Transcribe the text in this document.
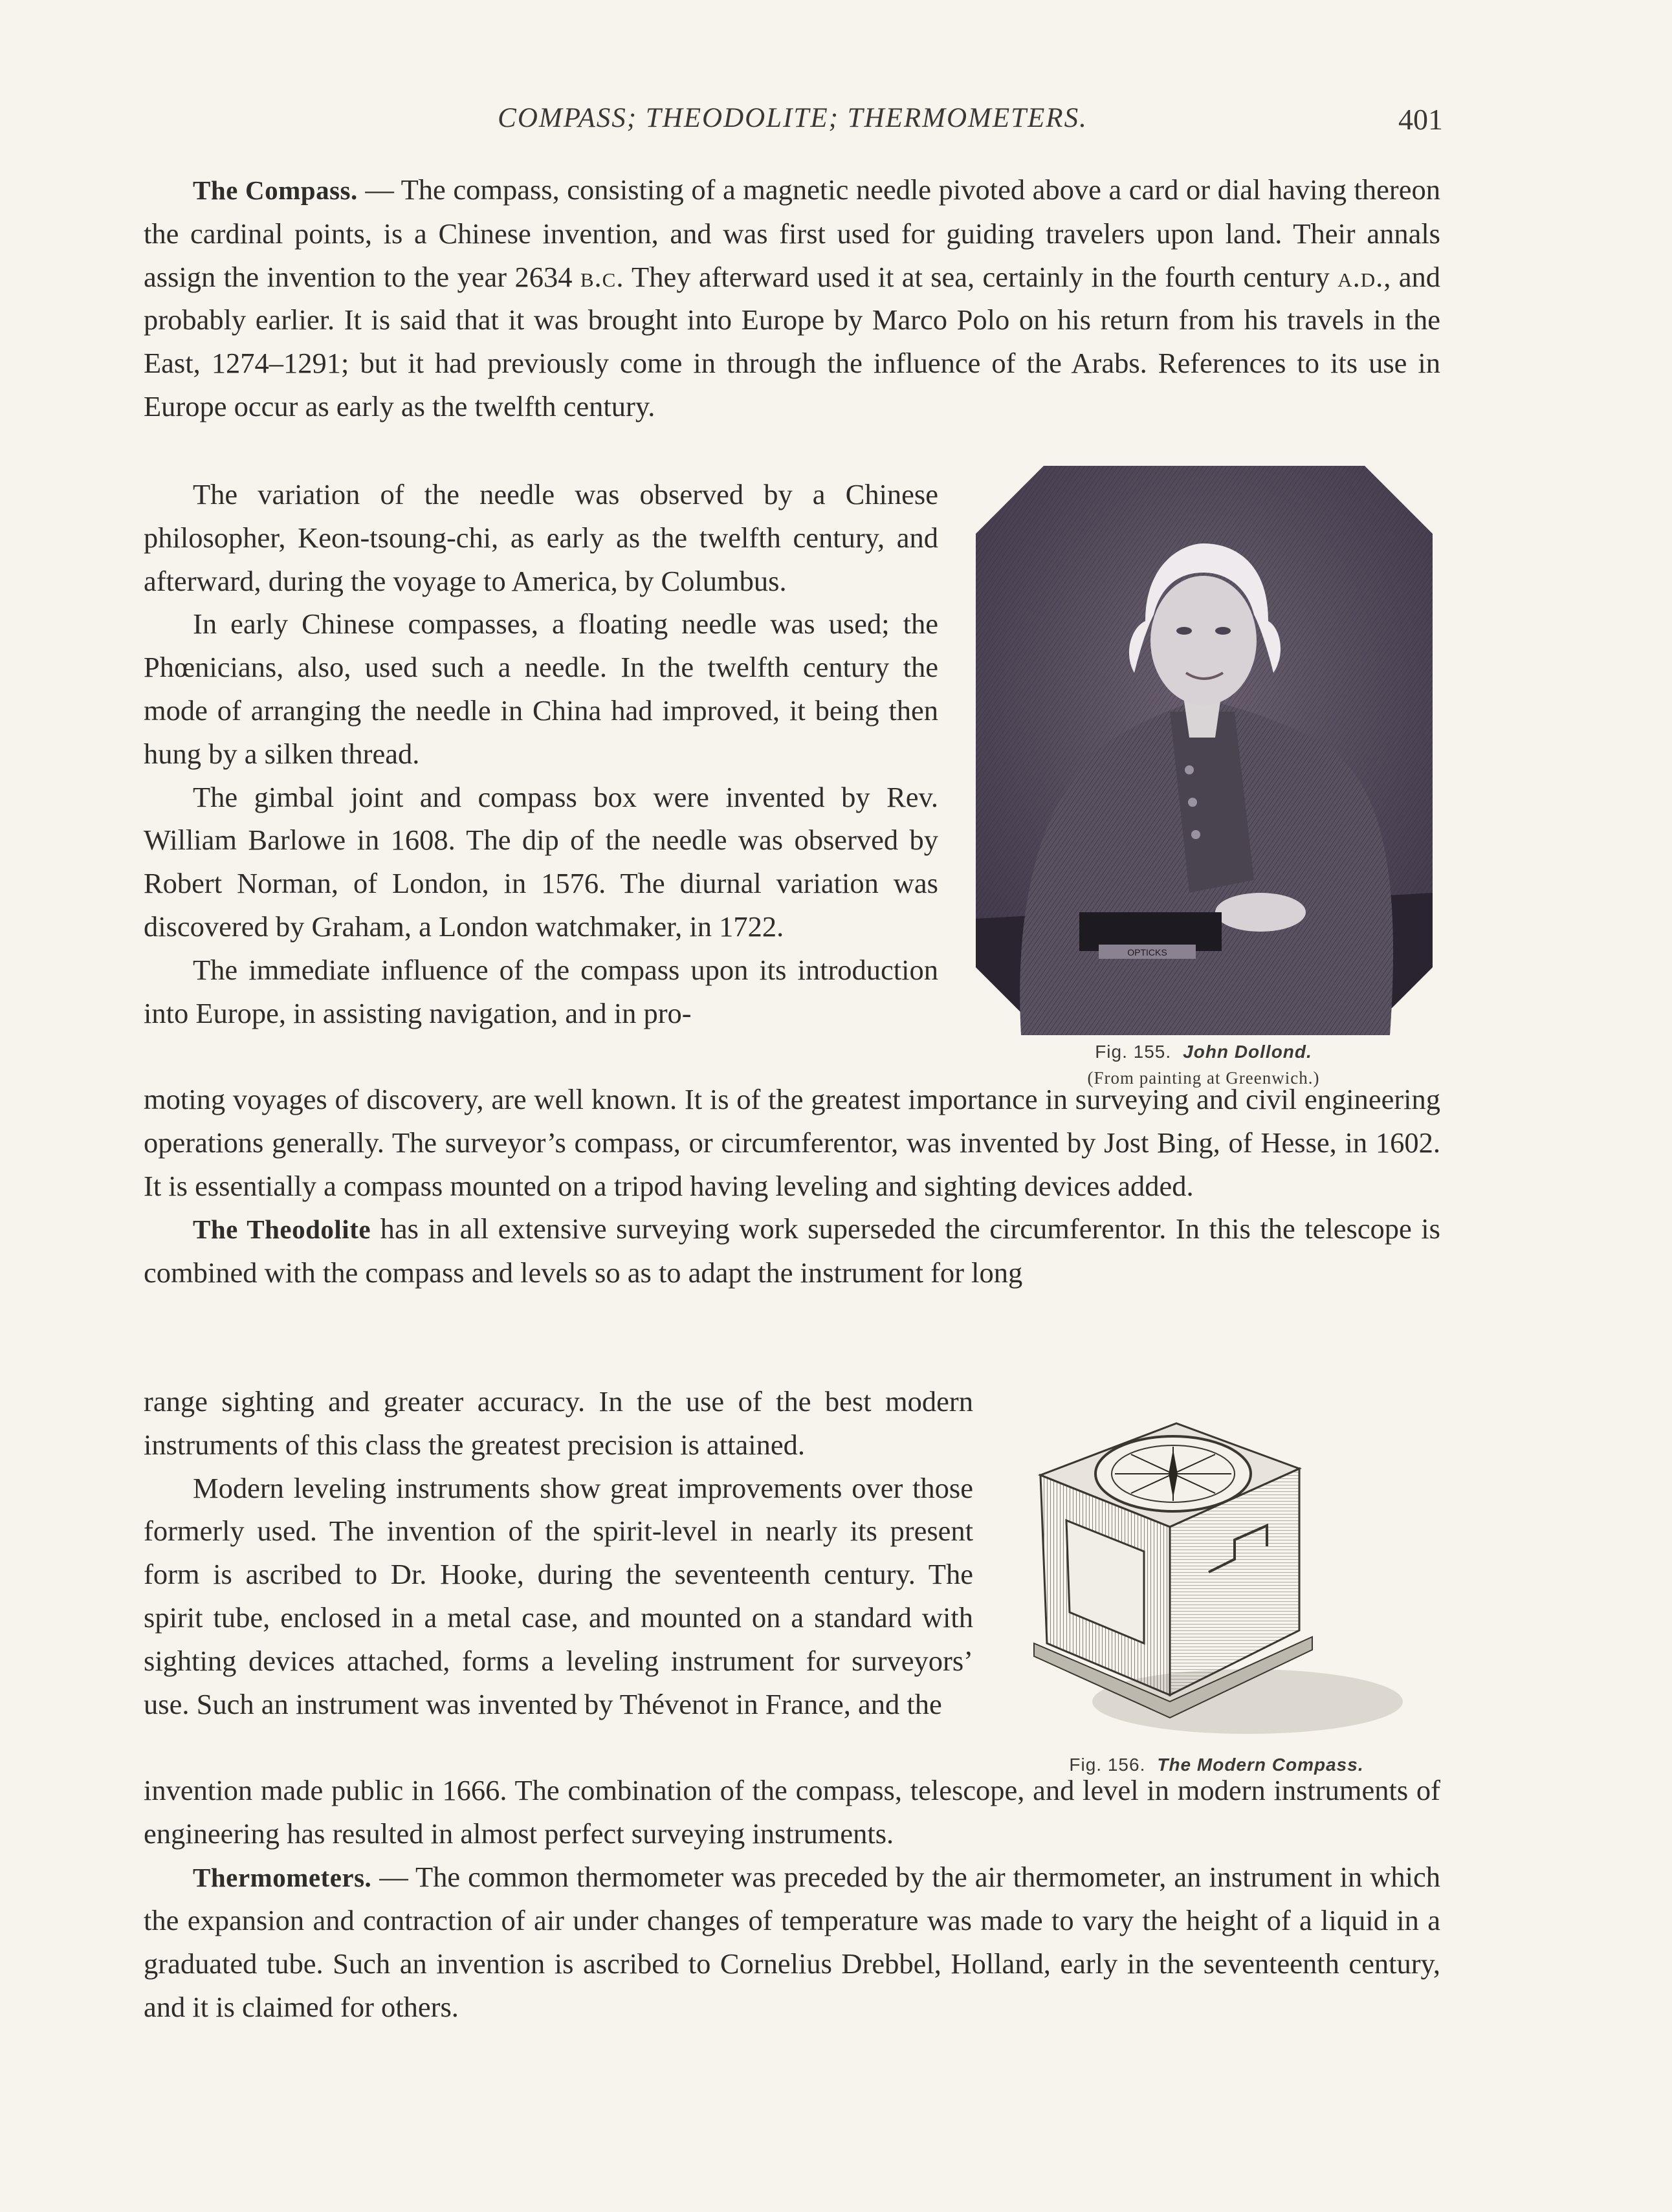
COMPASS; THEODOLITE; THERMOMETERS.	401

The Compass. — The compass, consisting of a magnetic needle pivoted above a card or dial having thereon the cardinal points, is a Chinese invention, and was first used for guiding travelers upon land. Their annals assign the invention to the year 2634 b.c. They afterward used it at sea, certainly in the fourth century a.d., and probably earlier. It is said that it was brought into Europe by Marco Polo on his return from his travels in the East, 1274–1291; but it had previously come in through the influence of the Arabs. References to its use in Europe occur as early as the twelfth century.

The variation of the needle was observed by a Chinese philosopher, Keon-tsoung-chi, as early as the twelfth century, and afterward, during the voyage to America, by Columbus.

In early Chinese compasses, a floating needle was used; the Phœnicians, also, used such a needle. In the twelfth century the mode of arranging the needle in China had improved, it being then hung by a silken thread.

The gimbal joint and compass box were invented by Rev. William Barlowe in 1608. The dip of the needle was observed by Robert Norman, of London, in 1576. The diurnal variation was discovered by Graham, a London watchmaker, in 1722.

The immediate influence of the compass upon its introduction into Europe, in assisting navigation, and in pro-

OPTICKS
Fig. 155. John Dollond.
(From painting at Greenwich.)

moting voyages of discovery, are well known. It is of the greatest importance in surveying and civil engineering operations generally. The surveyor’s compass, or circumferentor, was invented by Jost Bing, of Hesse, in 1602. It is essentially a compass mounted on a tripod having leveling and sighting devices added.

The Theodolite has in all extensive surveying work superseded the circumferentor. In this the telescope is combined with the compass and levels so as to adapt the instrument for long

range sighting and greater accuracy. In the use of the best modern instruments of this class the greatest precision is attained.

Modern leveling instruments show great improvements over those formerly used. The invention of the spirit-level in nearly its present form is ascribed to Dr. Hooke, during the seventeenth century. The spirit tube, enclosed in a metal case, and mounted on a standard with sighting devices attached, forms a leveling instrument for surveyors’ use. Such an instrument was invented by Thévenot in France, and the

Fig. 156. The Modern Compass.

invention made public in 1666. The combination of the compass, telescope, and level in modern instruments of engineering has resulted in almost perfect surveying instruments.

Thermometers. — The common thermometer was preceded by the air thermometer, an instrument in which the expansion and contraction of air under changes of temperature was made to vary the height of a liquid in a graduated tube. Such an invention is ascribed to Cornelius Drebbel, Holland, early in the seventeenth century, and it is claimed for others.
